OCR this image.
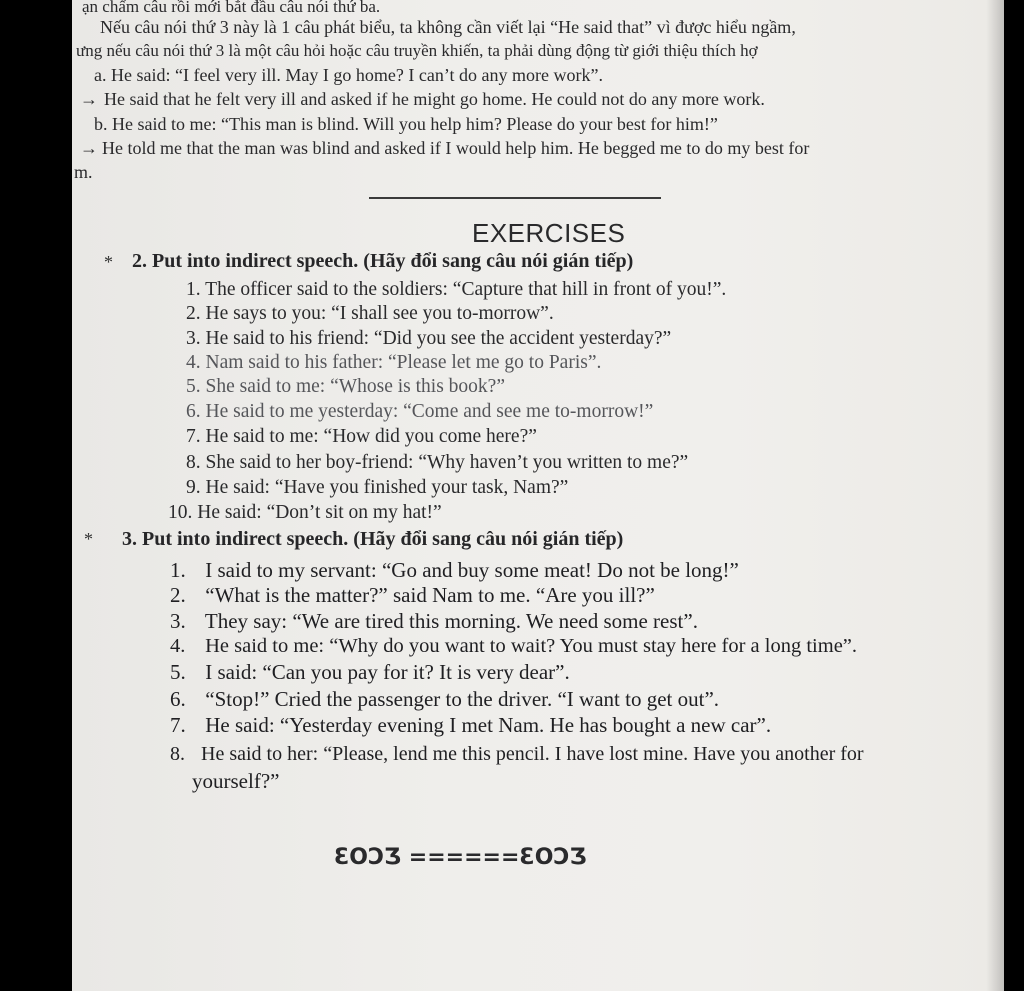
ạn chấm câu rồi mới bắt đầu câu nói thứ ba.
Nếu câu nói thứ 3 này là 1 câu phát biểu, ta không cần viết lại “He said that” vì được hiểu ngầm,
ưng nếu câu nói thứ 3 là một câu hỏi hoặc câu truyền khiến, ta phải dùng động từ giới thiệu thích hợ
a. He said: “I feel very ill. May I go home? I can’t do any more work”.
→ He said that he felt very ill and asked if he might go home. He could not do any more work.
b. He said to me: “This man is blind. Will you help him? Please do your best for him!”
→ He told me that the man was blind and asked if I would help him. He begged me to do my best for
m.
EXERCISES
* 2. Put into indirect speech. (Hãy đổi sang câu nói gián tiếp)
1. The officer said to the soldiers: “Capture that hill in front of you!”.
2. He says to you: “I shall see you to-morrow”.
3. He said to his friend: “Did you see the accident yesterday?”
4. Nam said to his father: “Please let me go to Paris”.
5. She said to me: “Whose is this book?”
6. He said to me yesterday: “Come and see me to-morrow!”
7. He said to me: “How did you come here?”
8. She said to her boy-friend: “Why haven’t you written to me?”
9. He said: “Have you finished your task, Nam?”
10. He said: “Don’t sit on my hat!”
* 3. Put into indirect speech. (Hãy đổi sang câu nói gián tiếp)
1. I said to my servant: “Go and buy some meat! Do not be long!”
2. “What is the matter?” said Nam to me. “Are you ill?”
3. They say: “We are tired this morning. We need some rest”.
4. He said to me: “Why do you want to wait? You must stay here for a long time”.
5. I said: “Can you pay for it? It is very dear”.
6. “Stop!” Cried the passenger to the driver. “I want to get out”.
7. He said: “Yesterday evening I met Nam. He has bought a new car”.
8. He said to her: “Please, lend me this pencil. I have lost mine. Have you another for
yourself?”
ƐOƆƷ ======ƐOƆƷ
